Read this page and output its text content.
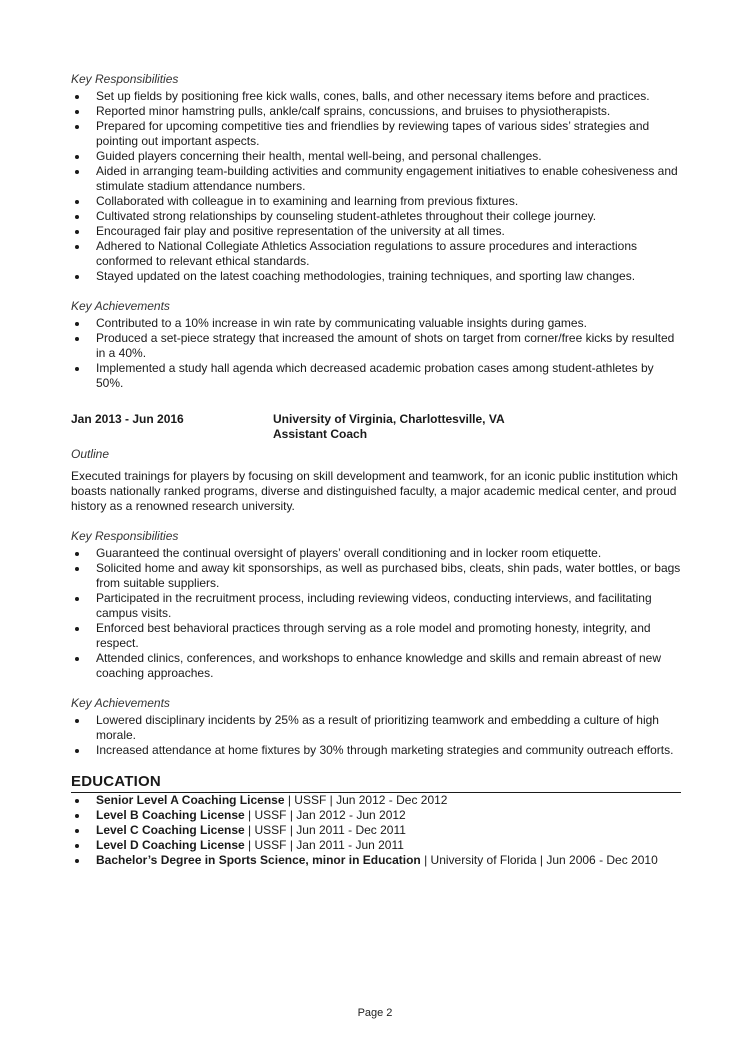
Key Responsibilities
Set up fields by positioning free kick walls, cones, balls, and other necessary items before and practices.
Reported minor hamstring pulls, ankle/calf sprains, concussions, and bruises to physiotherapists.
Prepared for upcoming competitive ties and friendlies by reviewing tapes of various sides’ strategies and pointing out important aspects.
Guided players concerning their health, mental well-being, and personal challenges.
Aided in arranging team-building activities and community engagement initiatives to enable cohesiveness and stimulate stadium attendance numbers.
Collaborated with colleague in to examining and learning from previous fixtures.
Cultivated strong relationships by counseling student-athletes throughout their college journey.
Encouraged fair play and positive representation of the university at all times.
Adhered to National Collegiate Athletics Association regulations to assure procedures and interactions conformed to relevant ethical standards.
Stayed updated on the latest coaching methodologies, training techniques, and sporting law changes.
Key Achievements
Contributed to a 10% increase in win rate by communicating valuable insights during games.
Produced a set-piece strategy that increased the amount of shots on target from corner/free kicks by resulted in a 40%.
Implemented a study hall agenda which decreased academic probation cases among student-athletes by 50%.
Jan 2013 - Jun 2016	University of Virginia, Charlottesville, VA
Assistant Coach
Outline
Executed trainings for players by focusing on skill development and teamwork, for an iconic public institution which boasts nationally ranked programs, diverse and distinguished faculty, a major academic medical center, and proud history as a renowned research university.
Key Responsibilities
Guaranteed the continual oversight of players’ overall conditioning and in locker room etiquette.
Solicited home and away kit sponsorships, as well as purchased bibs, cleats, shin pads, water bottles, or bags from suitable suppliers.
Participated in the recruitment process, including reviewing videos, conducting interviews, and facilitating campus visits.
Enforced best behavioral practices through serving as a role model and promoting honesty, integrity, and respect.
Attended clinics, conferences, and workshops to enhance knowledge and skills and remain abreast of new coaching approaches.
Key Achievements
Lowered disciplinary incidents by 25% as a result of prioritizing teamwork and embedding a culture of high morale.
Increased attendance at home fixtures by 30% through marketing strategies and community outreach efforts.
EDUCATION
Senior Level A Coaching License | USSF | Jun 2012 - Dec 2012
Level B Coaching License | USSF | Jan 2012 - Jun 2012
Level C Coaching License | USSF | Jun 2011 - Dec 2011
Level D Coaching License | USSF | Jan 2011 - Jun 2011
Bachelor’s Degree in Sports Science, minor in Education | University of Florida | Jun 2006 - Dec 2010
Page 2
